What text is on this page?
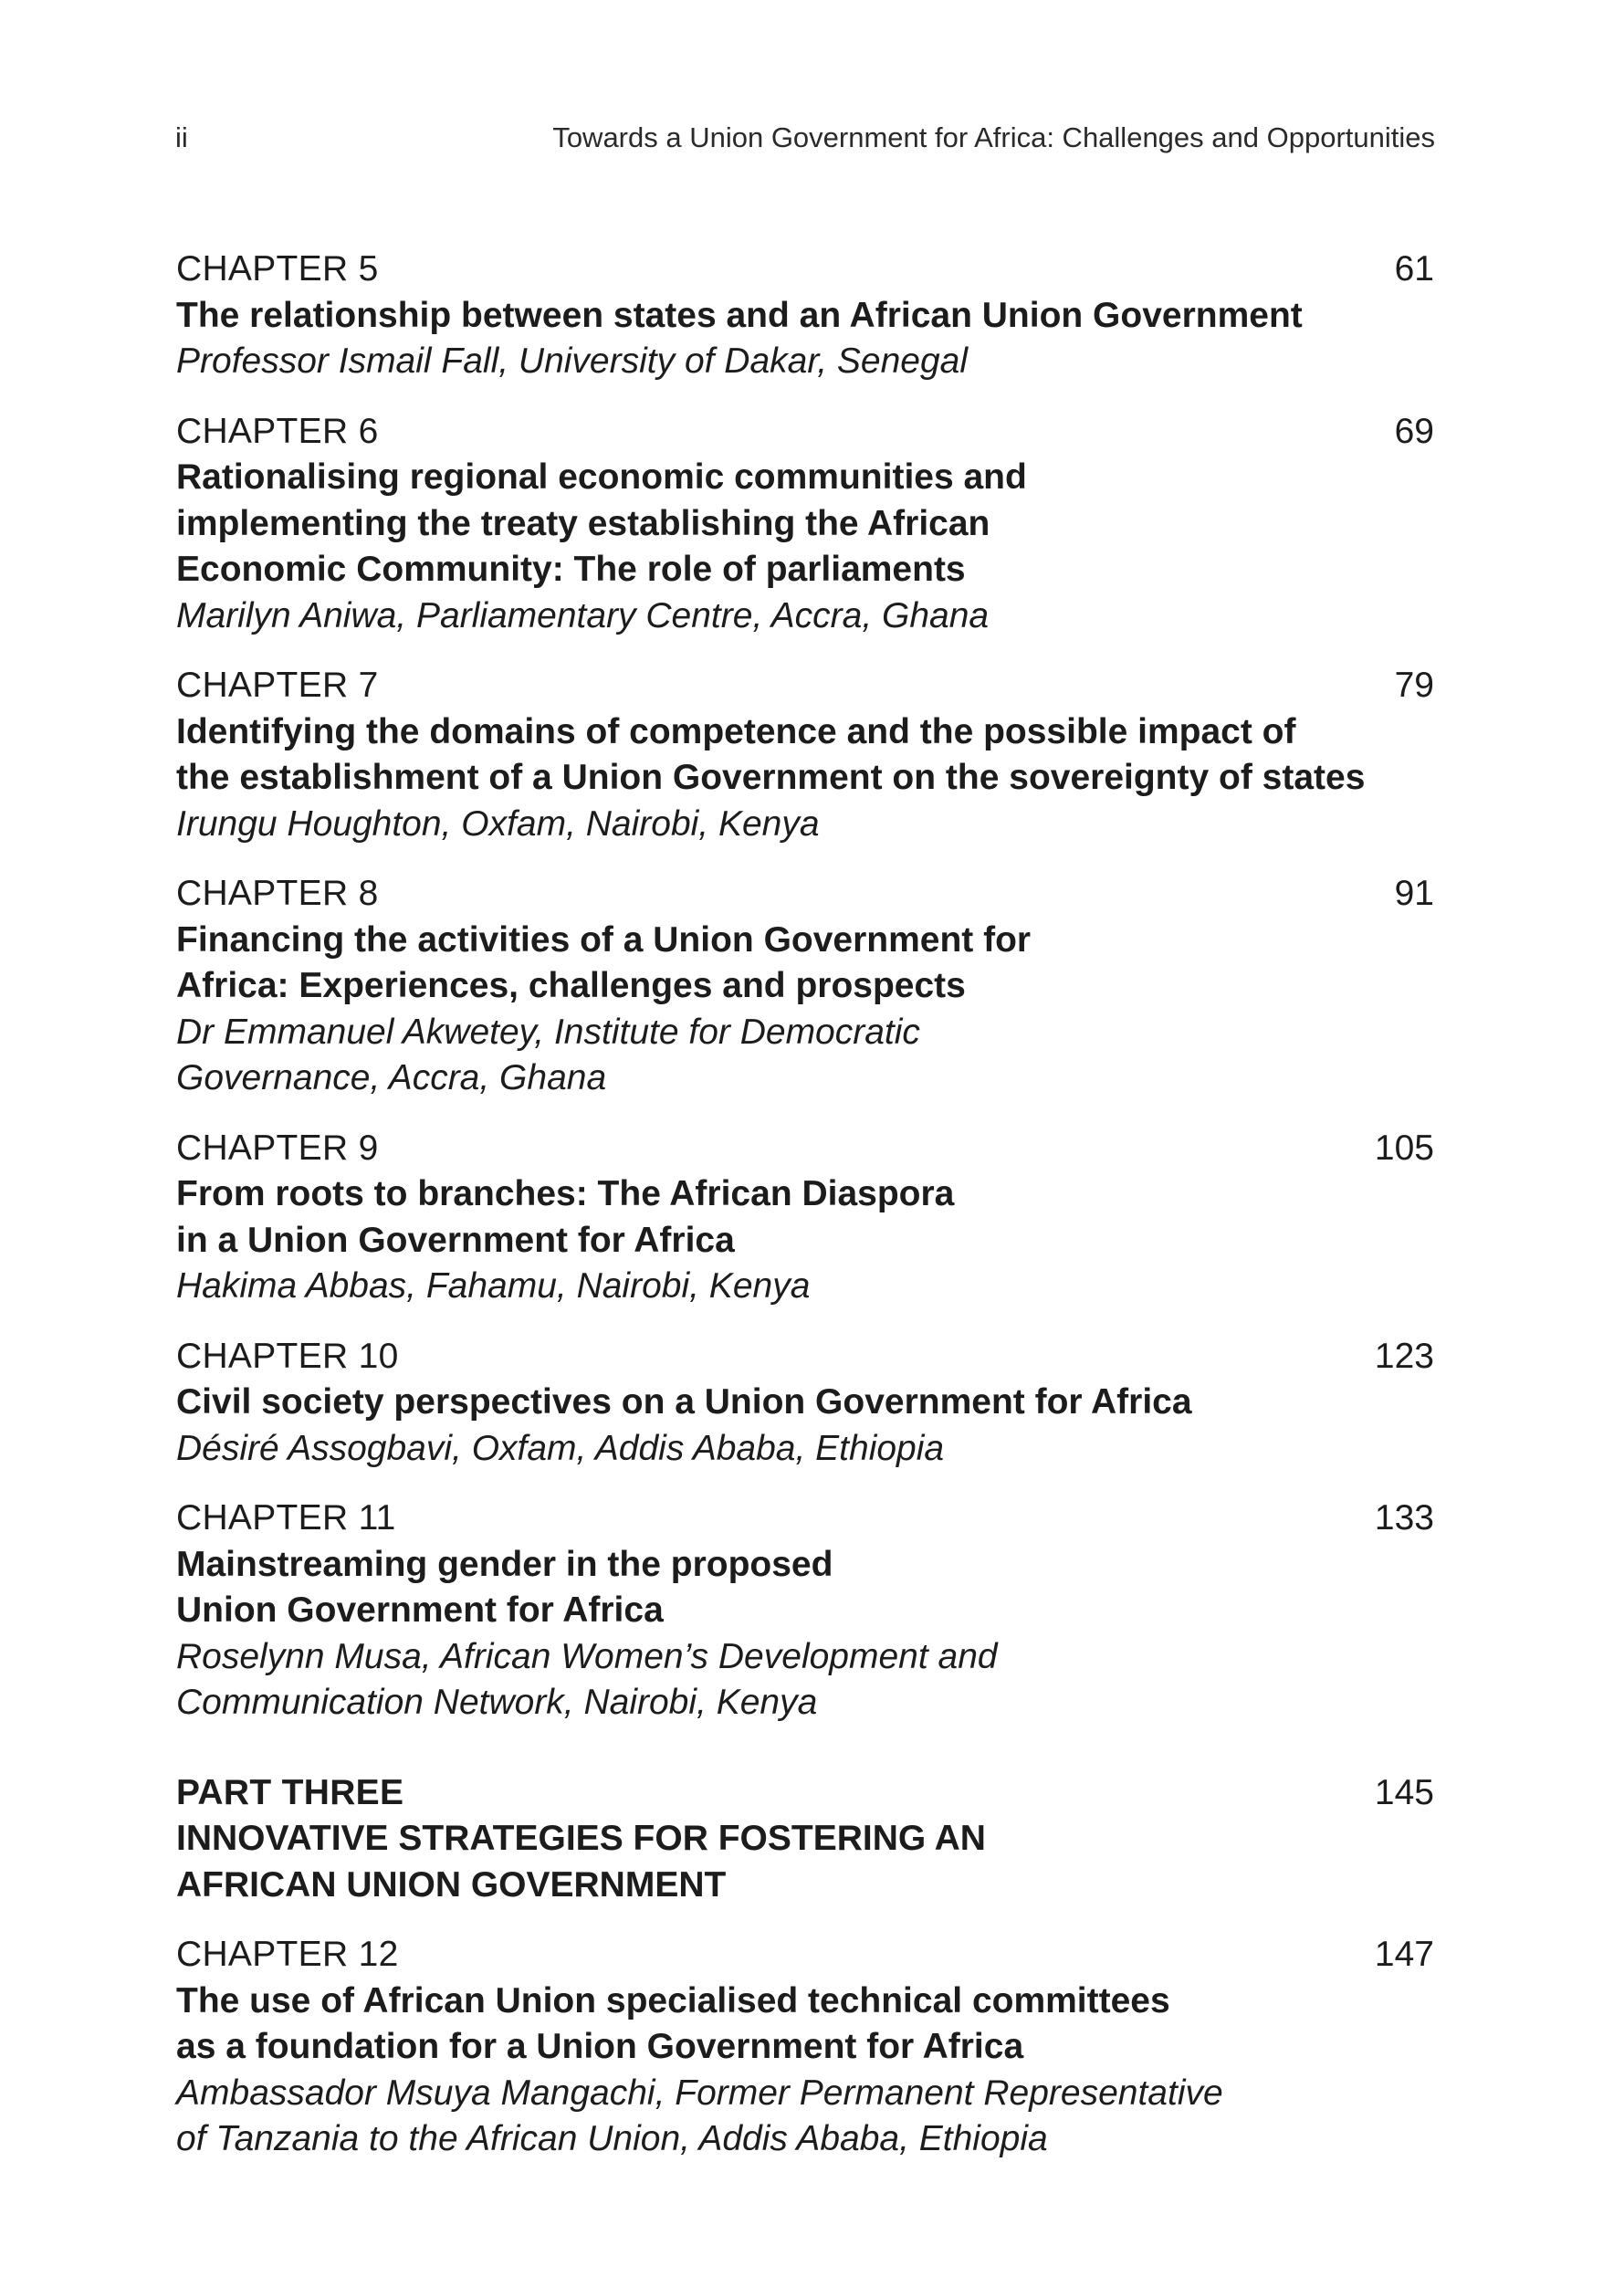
ii	Towards a Union Government for Africa: Challenges and Opportunities
CHAPTER 5	61
The relationship between states and an African Union Government
Professor Ismail Fall, University of Dakar, Senegal
CHAPTER 6	69
Rationalising regional economic communities and
implementing the treaty establishing the African
Economic Community: The role of parliaments
Marilyn Aniwa, Parliamentary Centre, Accra, Ghana
CHAPTER 7	79
Identifying the domains of competence and the possible impact of
the establishment of a Union Government on the sovereignty of states
Irungu Houghton, Oxfam, Nairobi, Kenya
CHAPTER 8	91
Financing the activities of a Union Government for
Africa: Experiences, challenges and prospects
Dr Emmanuel Akwetey, Institute for Democratic
Governance, Accra, Ghana
CHAPTER 9	105
From roots to branches: The African Diaspora
in a Union Government for Africa
Hakima Abbas, Fahamu, Nairobi, Kenya
CHAPTER 10	123
Civil society perspectives on a Union Government for Africa
Désiré Assogbavi, Oxfam, Addis Ababa, Ethiopia
CHAPTER 11	133
Mainstreaming gender in the proposed
Union Government for Africa
Roselynn Musa, African Women’s Development and
Communication Network, Nairobi, Kenya
PART THREE	145
INNOVATIVE STRATEGIES FOR FOSTERING AN
AFRICAN UNION GOVERNMENT
CHAPTER 12	147
The use of African Union specialised technical committees
as a foundation for a Union Government for Africa
Ambassador Msuya Mangachi, Former Permanent Representative
of Tanzania to the African Union, Addis Ababa, Ethiopia
